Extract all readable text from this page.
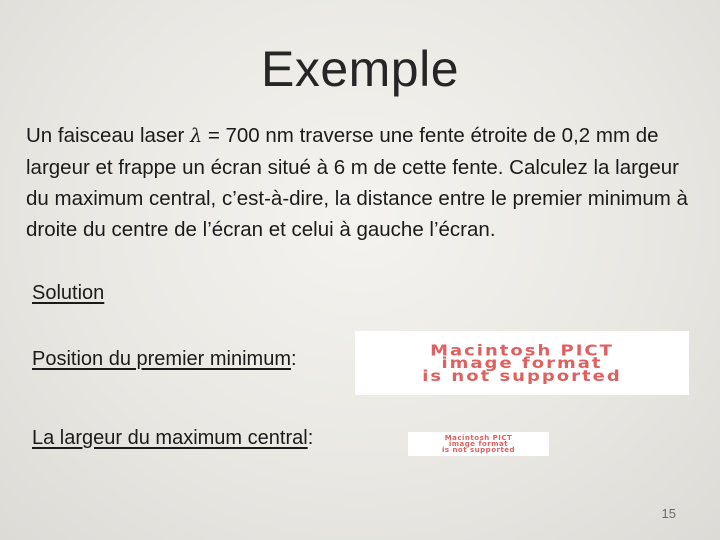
Exemple
Un faisceau laser λ = 700 nm traverse une fente étroite de 0,2 mm de largeur et frappe un écran situé à 6 m de cette fente. Calculez la largeur du maximum central, c’est-à-dire, la distance entre le premier minimum à droite du centre de l’écran et celui à gauche l’écran.
Solution
Position du premier minimum:	Macintosh PICT
image format
is not supported
La largeur du maximum central:	Macintosh PICT
image format
is not supported
15
